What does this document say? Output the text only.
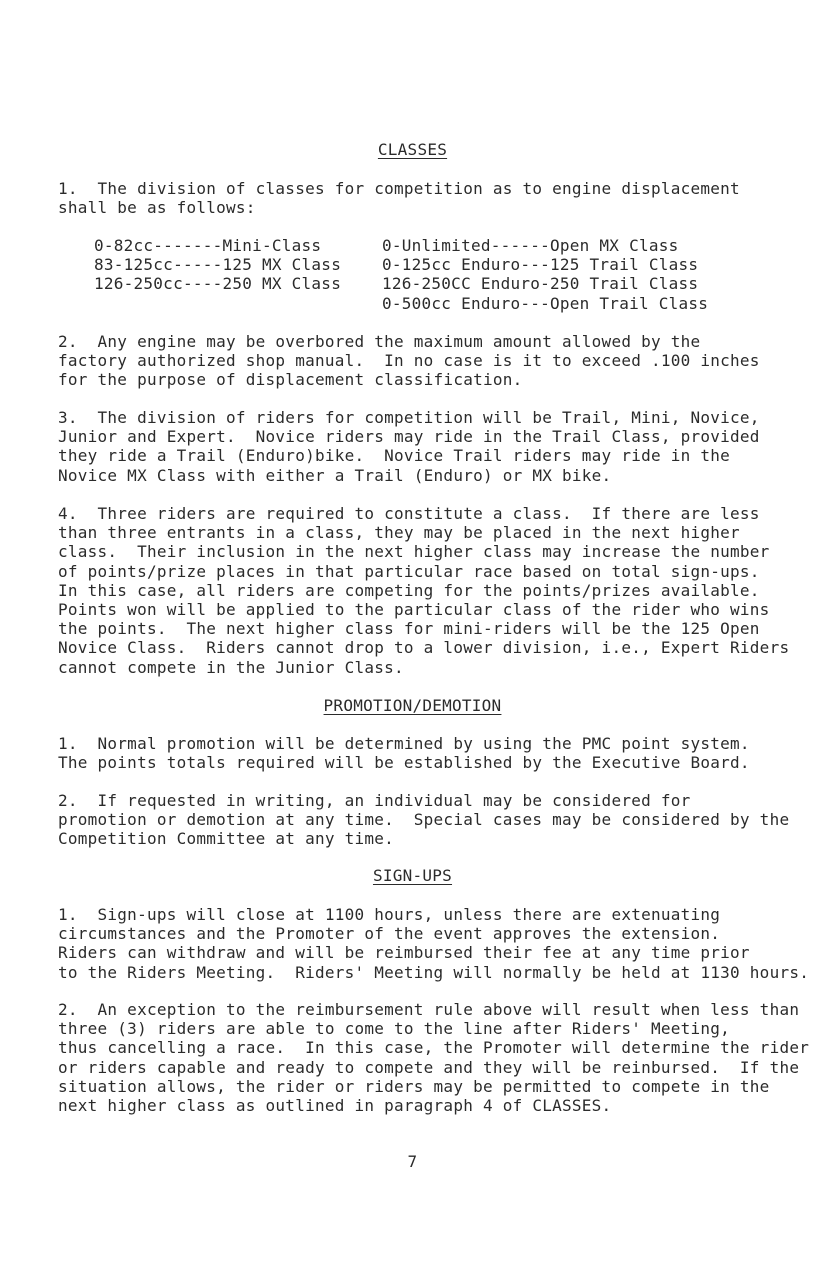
CLASSES

1.  The division of classes for competition as to engine displacement
shall be as follows:

0-82cc-------Mini-Class
83-125cc-----125 MX Class
126-250cc----250 MX Class

0-Unlimited------Open MX Class
0-125cc Enduro---125 Trail Class
126-250CC Enduro-250 Trail Class
0-500cc Enduro---Open Trail Class

2.  Any engine may be overbored the maximum amount allowed by the
factory authorized shop manual.  In no case is it to exceed .100 inches
for the purpose of displacement classification.

3.  The division of riders for competition will be Trail, Mini, Novice,
Junior and Expert.  Novice riders may ride in the Trail Class, provided
they ride a Trail (Enduro)bike.  Novice Trail riders may ride in the
Novice MX Class with either a Trail (Enduro) or MX bike.

4.  Three riders are required to constitute a class.  If there are less
than three entrants in a class, they may be placed in the next higher
class.  Their inclusion in the next higher class may increase the number
of points/prize places in that particular race based on total sign-ups.
In this case, all riders are competing for the points/prizes available.
Points won will be applied to the particular class of the rider who wins
the points.  The next higher class for mini-riders will be the 125 Open
Novice Class.  Riders cannot drop to a lower division, i.e., Expert Riders
cannot compete in the Junior Class.

PROMOTION/DEMOTION

1.  Normal promotion will be determined by using the PMC point system.
The points totals required will be established by the Executive Board.

2.  If requested in writing, an individual may be considered for
promotion or demotion at any time.  Special cases may be considered by the
Competition Committee at any time.

SIGN-UPS

1.  Sign-ups will close at 1100 hours, unless there are extenuating
circumstances and the Promoter of the event approves the extension.
Riders can withdraw and will be reimbursed their fee at any time prior
to the Riders Meeting.  Riders' Meeting will normally be held at 1130 hours.

2.  An exception to the reimbursement rule above will result when less than
three (3) riders are able to come to the line after Riders' Meeting,
thus cancelling a race.  In this case, the Promoter will determine the rider
or riders capable and ready to compete and they will be reinbursed.  If the
situation allows, the rider or riders may be permitted to compete in the
next higher class as outlined in paragraph 4 of CLASSES.

7
